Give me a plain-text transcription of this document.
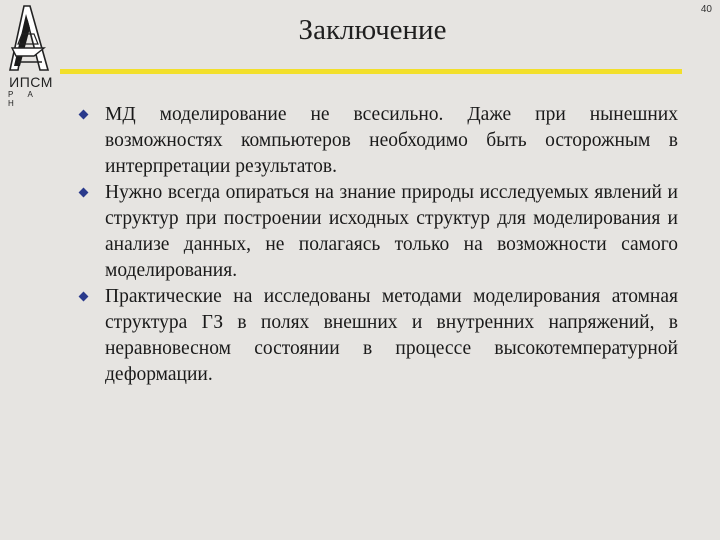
ИПСМ
Р А Н
40
Заключение
МД моделирование не всесильно. Даже при нынешних возможностях компьютеров необходимо быть осторожным в интерпретации результатов.
Нужно всегда опираться на знание природы исследуемых явлений и структур при построении исходных структур для моделирования и анализе данных, не полагаясь только на возможности самого моделирования.
Практические на исследованы методами моделирования атомная структура ГЗ в полях внешних и внутренних напряжений, в неравновесном состоянии в процессе высокотемпературной деформации.
